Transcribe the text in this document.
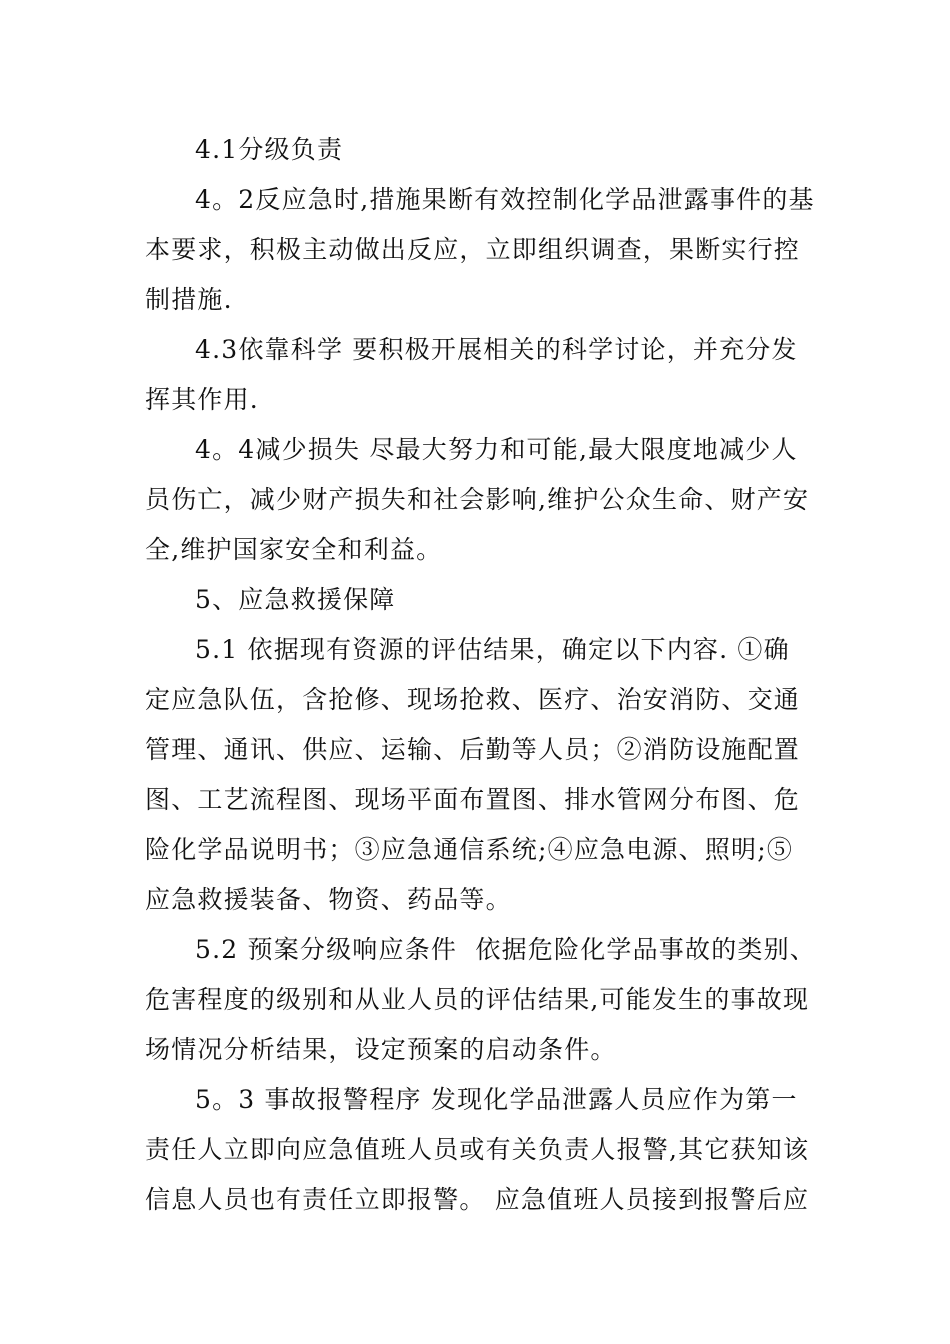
4.1分级负责
4。2反应急时,措施果断有效控制化学品泄露事件的基
本要求，积极主动做出反应，立即组织调查，果断实行控
制措施.
4.3依靠科学 要积极开展相关的科学讨论，并充分发
挥其作用.
4。4减少损失 尽最大努力和可能,最大限度地减少人
员伤亡，减少财产损失和社会影响,维护公众生命、财产安
全,维护国家安全和利益。
5、应急救援保障
5.1 依据现有资源的评估结果，确定以下内容. ①确
定应急队伍，含抢修、现场抢救、医疗、治安消防、交通
管理、通讯、供应、运输、后勤等人员；②消防设施配置
图、工艺流程图、现场平面布置图、排水管网分布图、危
险化学品说明书；③应急通信系统;④应急电源、照明;⑤
应急救援装备、物资、药品等。
5.2 预案分级响应条件  依据危险化学品事故的类别、
危害程度的级别和从业人员的评估结果,可能发生的事故现
场情况分析结果，设定预案的启动条件。
5。3 事故报警程序 发现化学品泄露人员应作为第一
责任人立即向应急值班人员或有关负责人报警,其它获知该
信息人员也有责任立即报警。 应急值班人员接到报警后应
